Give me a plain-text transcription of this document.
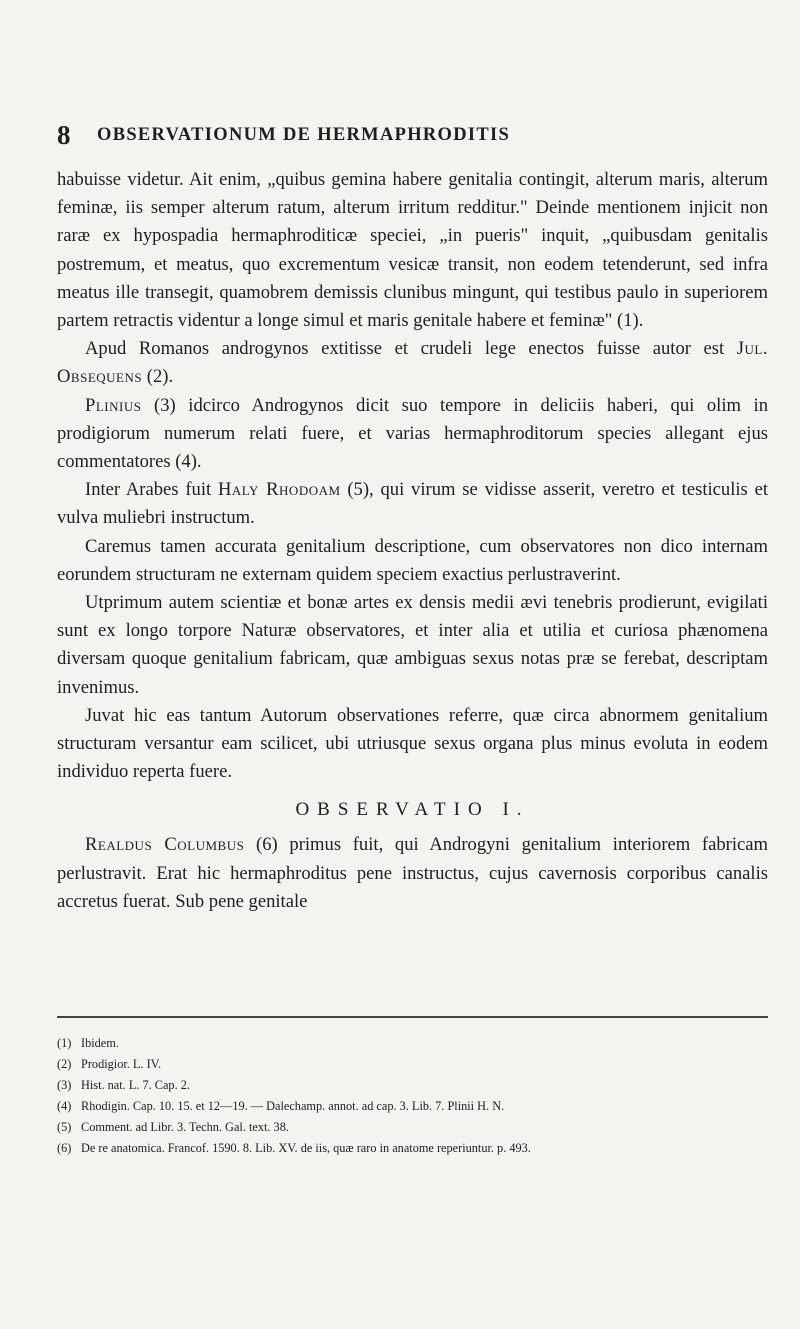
8 OBSERVATIONUM DE HERMAPHRODITIS

habuisse videtur. Ait enim, „quibus gemina habere genitalia contingit, alterum maris, alterum feminæ, iis semper alterum ratum, alterum irritum redditur." Deinde mentionem injicit non raræ ex hypospadia hermaphroditicæ speciei, „in pueris" inquit, „quibusdam genitalis postremum, et meatus, quo excrementum vesicæ transit, non eodem tetenderunt, sed infra meatus ille transegit, quamobrem demissis clunibus mingunt, qui testibus paulo in superiorem partem retractis videntur a longe simul et maris genitale habere et feminæ" (1).

Apud Romanos androgynos extitisse et crudeli lege enectos fuisse autor est Jul. Obsequens (2).

Plinius (3) idcirco Androgynos dicit suo tempore in deliciis haberi, qui olim in prodigiorum numerum relati fuere, et varias hermaphroditorum species allegant ejus commentatores (4).

Inter Arabes fuit Haly Rhodoam (5), qui virum se vidisse asserit, veretro et testiculis et vulva muliebri instructum.

Caremus tamen accurata genitalium descriptione, cum observatores non dico internam eorundem structuram ne externam quidem speciem exactius perlustraverint.

Utprimum autem scientiæ et bonæ artes ex densis medii ævi tenebris prodierunt, evigilati sunt ex longo torpore Naturæ observatores, et inter alia et utilia et curiosa phænomena diversam quoque genitalium fabricam, quæ ambiguas sexus notas præ se ferebat, descriptam invenimus.

Juvat hic eas tantum Autorum observationes referre, quæ circa abnormem genitalium structuram versantur eam scilicet, ubi utriusque sexus organa plus minus evoluta in eodem individuo reperta fuere.

OBSERVATIO I.

Realdus Columbus (6) primus fuit, qui Androgyni genitalium interiorem fabricam perlustravit. Erat hic hermaphroditus pene instructus, cujus cavernosis corporibus canalis accretus fuerat. Sub pene genitale

(1) Ibidem.
(2) Prodigior. L. IV.
(3) Hist. nat. L. 7. Cap. 2.
(4) Rhodigin. Cap. 10. 15. et 12—19. — Dalechamp. annot. ad cap. 3. Lib. 7. Plinii H. N.
(5) Comment. ad Libr. 3. Techn. Gal. text. 38.
(6) De re anatomica. Francof. 1590. 8. Lib. XV. de iis, quæ raro in anatome reperiuntur. p. 493.
